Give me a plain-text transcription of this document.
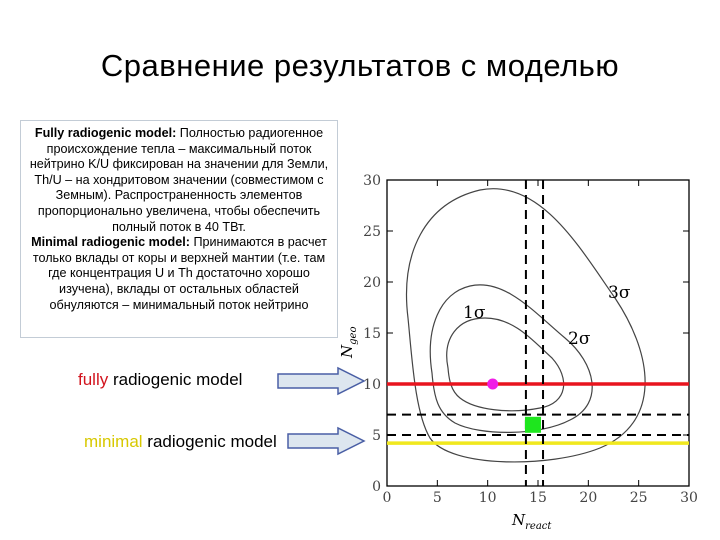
Сравнение результатов с моделью
Fully radiogenic model: Полностью радиогенное происхождение тепла – максимальный поток нейтрино K/U фиксирован на значении для Земли, Th/U – на хондритовом значении (совместимом с Земным). Распространенность элементов пропорционально увеличена, чтобы обеспечить полный поток в 40 ТВт.
Minimal radiogenic model: Принимаются в расчет только вклады от коры и верхней мантии (т.е. там где концентрация U и Th достаточно хорошо изучена), вклады от остальных областей обнуляются – минимальный поток нейтрино
fully radiogenic model
minimal radiogenic model
0	5	10 15 20 25 30
0
5
10
15
20
25
30
1σ
2σ
3σ
$N_{react}$
$N_{geo}$
